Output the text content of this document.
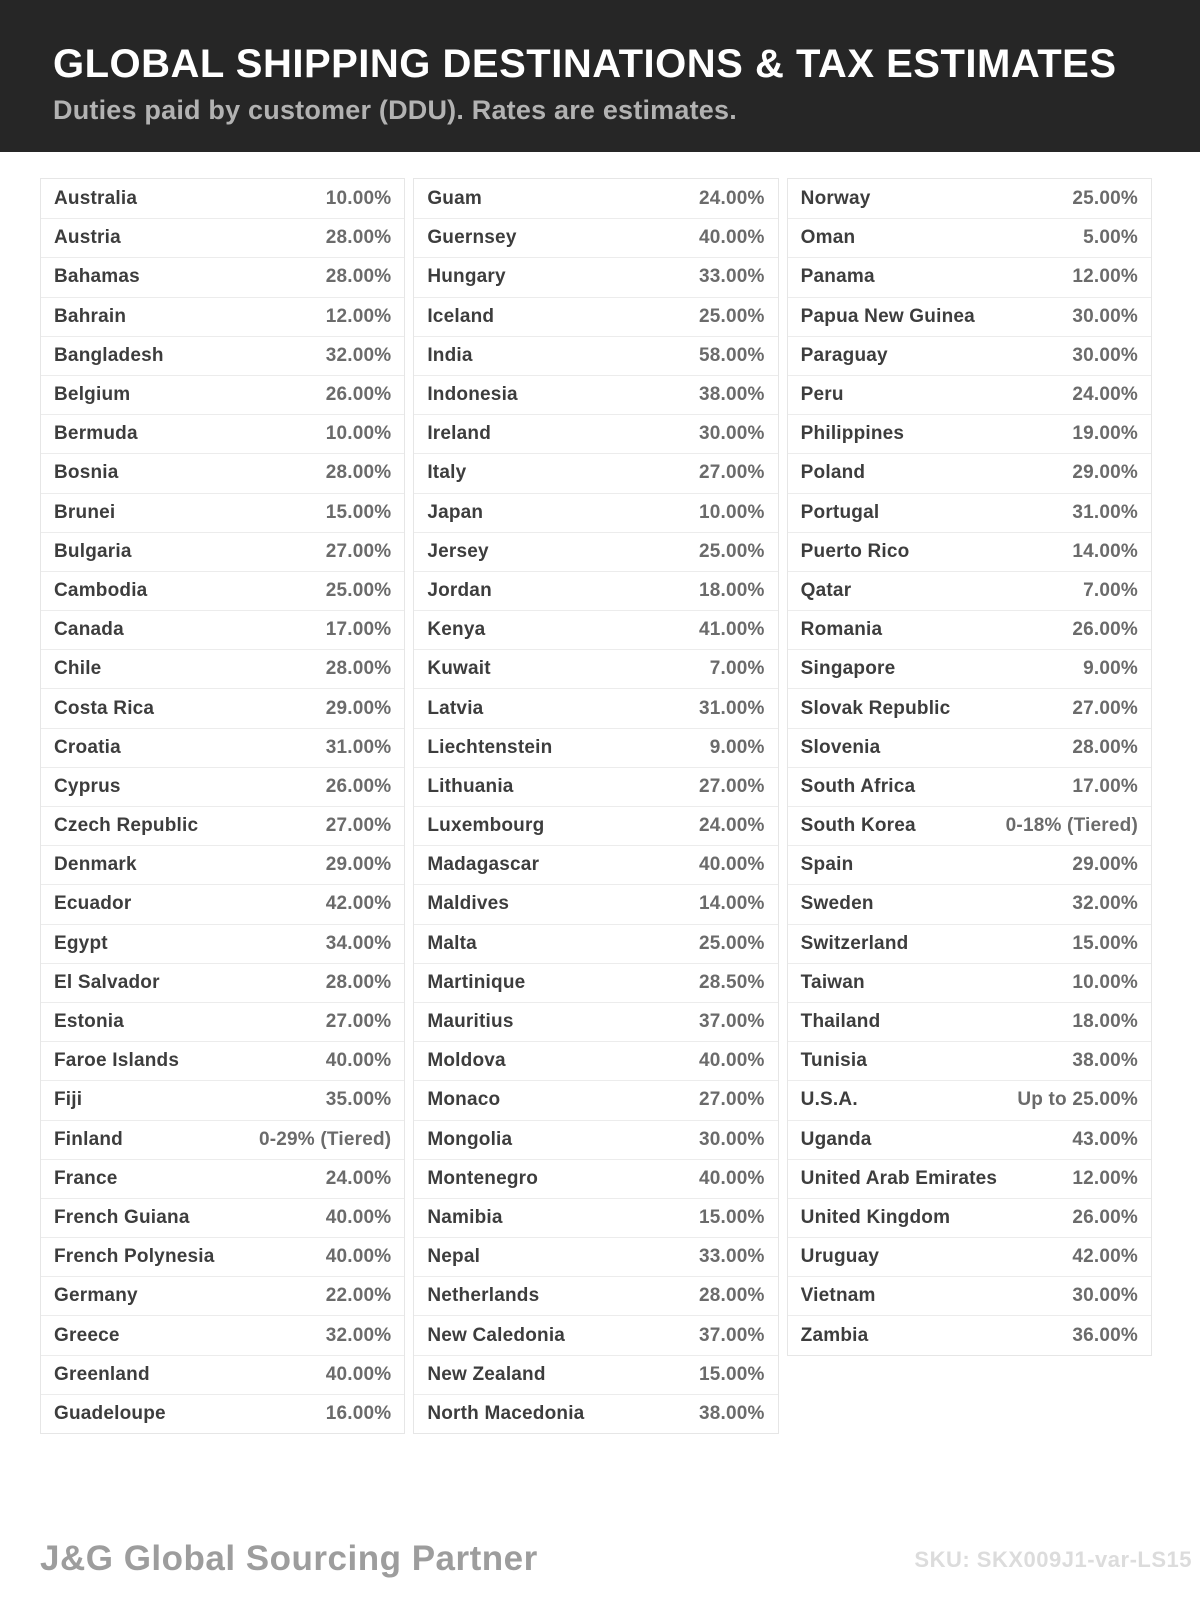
GLOBAL SHIPPING DESTINATIONS & TAX ESTIMATES
Duties paid by customer (DDU). Rates are estimates.
Australia	10.00%
Austria	28.00%
Bahamas	28.00%
Bahrain	12.00%
Bangladesh	32.00%
Belgium	26.00%
Bermuda	10.00%
Bosnia	28.00%
Brunei	15.00%
Bulgaria	27.00%
Cambodia	25.00%
Canada	17.00%
Chile	28.00%
Costa Rica	29.00%
Croatia	31.00%
Cyprus	26.00%
Czech Republic	27.00%
Denmark	29.00%
Ecuador	42.00%
Egypt	34.00%
El Salvador	28.00%
Estonia	27.00%
Faroe Islands	40.00%
Fiji	35.00%
Finland	0-29% (Tiered)
France	24.00%
French Guiana	40.00%
French Polynesia	40.00%
Germany	22.00%
Greece	32.00%
Greenland	40.00%
Guadeloupe	16.00%
Guam	24.00%
Guernsey	40.00%
Hungary	33.00%
Iceland	25.00%
India	58.00%
Indonesia	38.00%
Ireland	30.00%
Italy	27.00%
Japan	10.00%
Jersey	25.00%
Jordan	18.00%
Kenya	41.00%
Kuwait	7.00%
Latvia	31.00%
Liechtenstein	9.00%
Lithuania	27.00%
Luxembourg	24.00%
Madagascar	40.00%
Maldives	14.00%
Malta	25.00%
Martinique	28.50%
Mauritius	37.00%
Moldova	40.00%
Monaco	27.00%
Mongolia	30.00%
Montenegro	40.00%
Namibia	15.00%
Nepal	33.00%
Netherlands	28.00%
New Caledonia	37.00%
New Zealand	15.00%
North Macedonia	38.00%
Norway	25.00%
Oman	5.00%
Panama	12.00%
Papua New Guinea	30.00%
Paraguay	30.00%
Peru	24.00%
Philippines	19.00%
Poland	29.00%
Portugal	31.00%
Puerto Rico	14.00%
Qatar	7.00%
Romania	26.00%
Singapore	9.00%
Slovak Republic	27.00%
Slovenia	28.00%
South Africa	17.00%
South Korea	0-18% (Tiered)
Spain	29.00%
Sweden	32.00%
Switzerland	15.00%
Taiwan	10.00%
Thailand	18.00%
Tunisia	38.00%
U.S.A.	Up to 25.00%
Uganda	43.00%
United Arab Emirates	12.00%
United Kingdom	26.00%
Uruguay	42.00%
Vietnam	30.00%
Zambia	36.00%
J&G Global Sourcing Partner	SKU: SKX009J1-var-LS15
